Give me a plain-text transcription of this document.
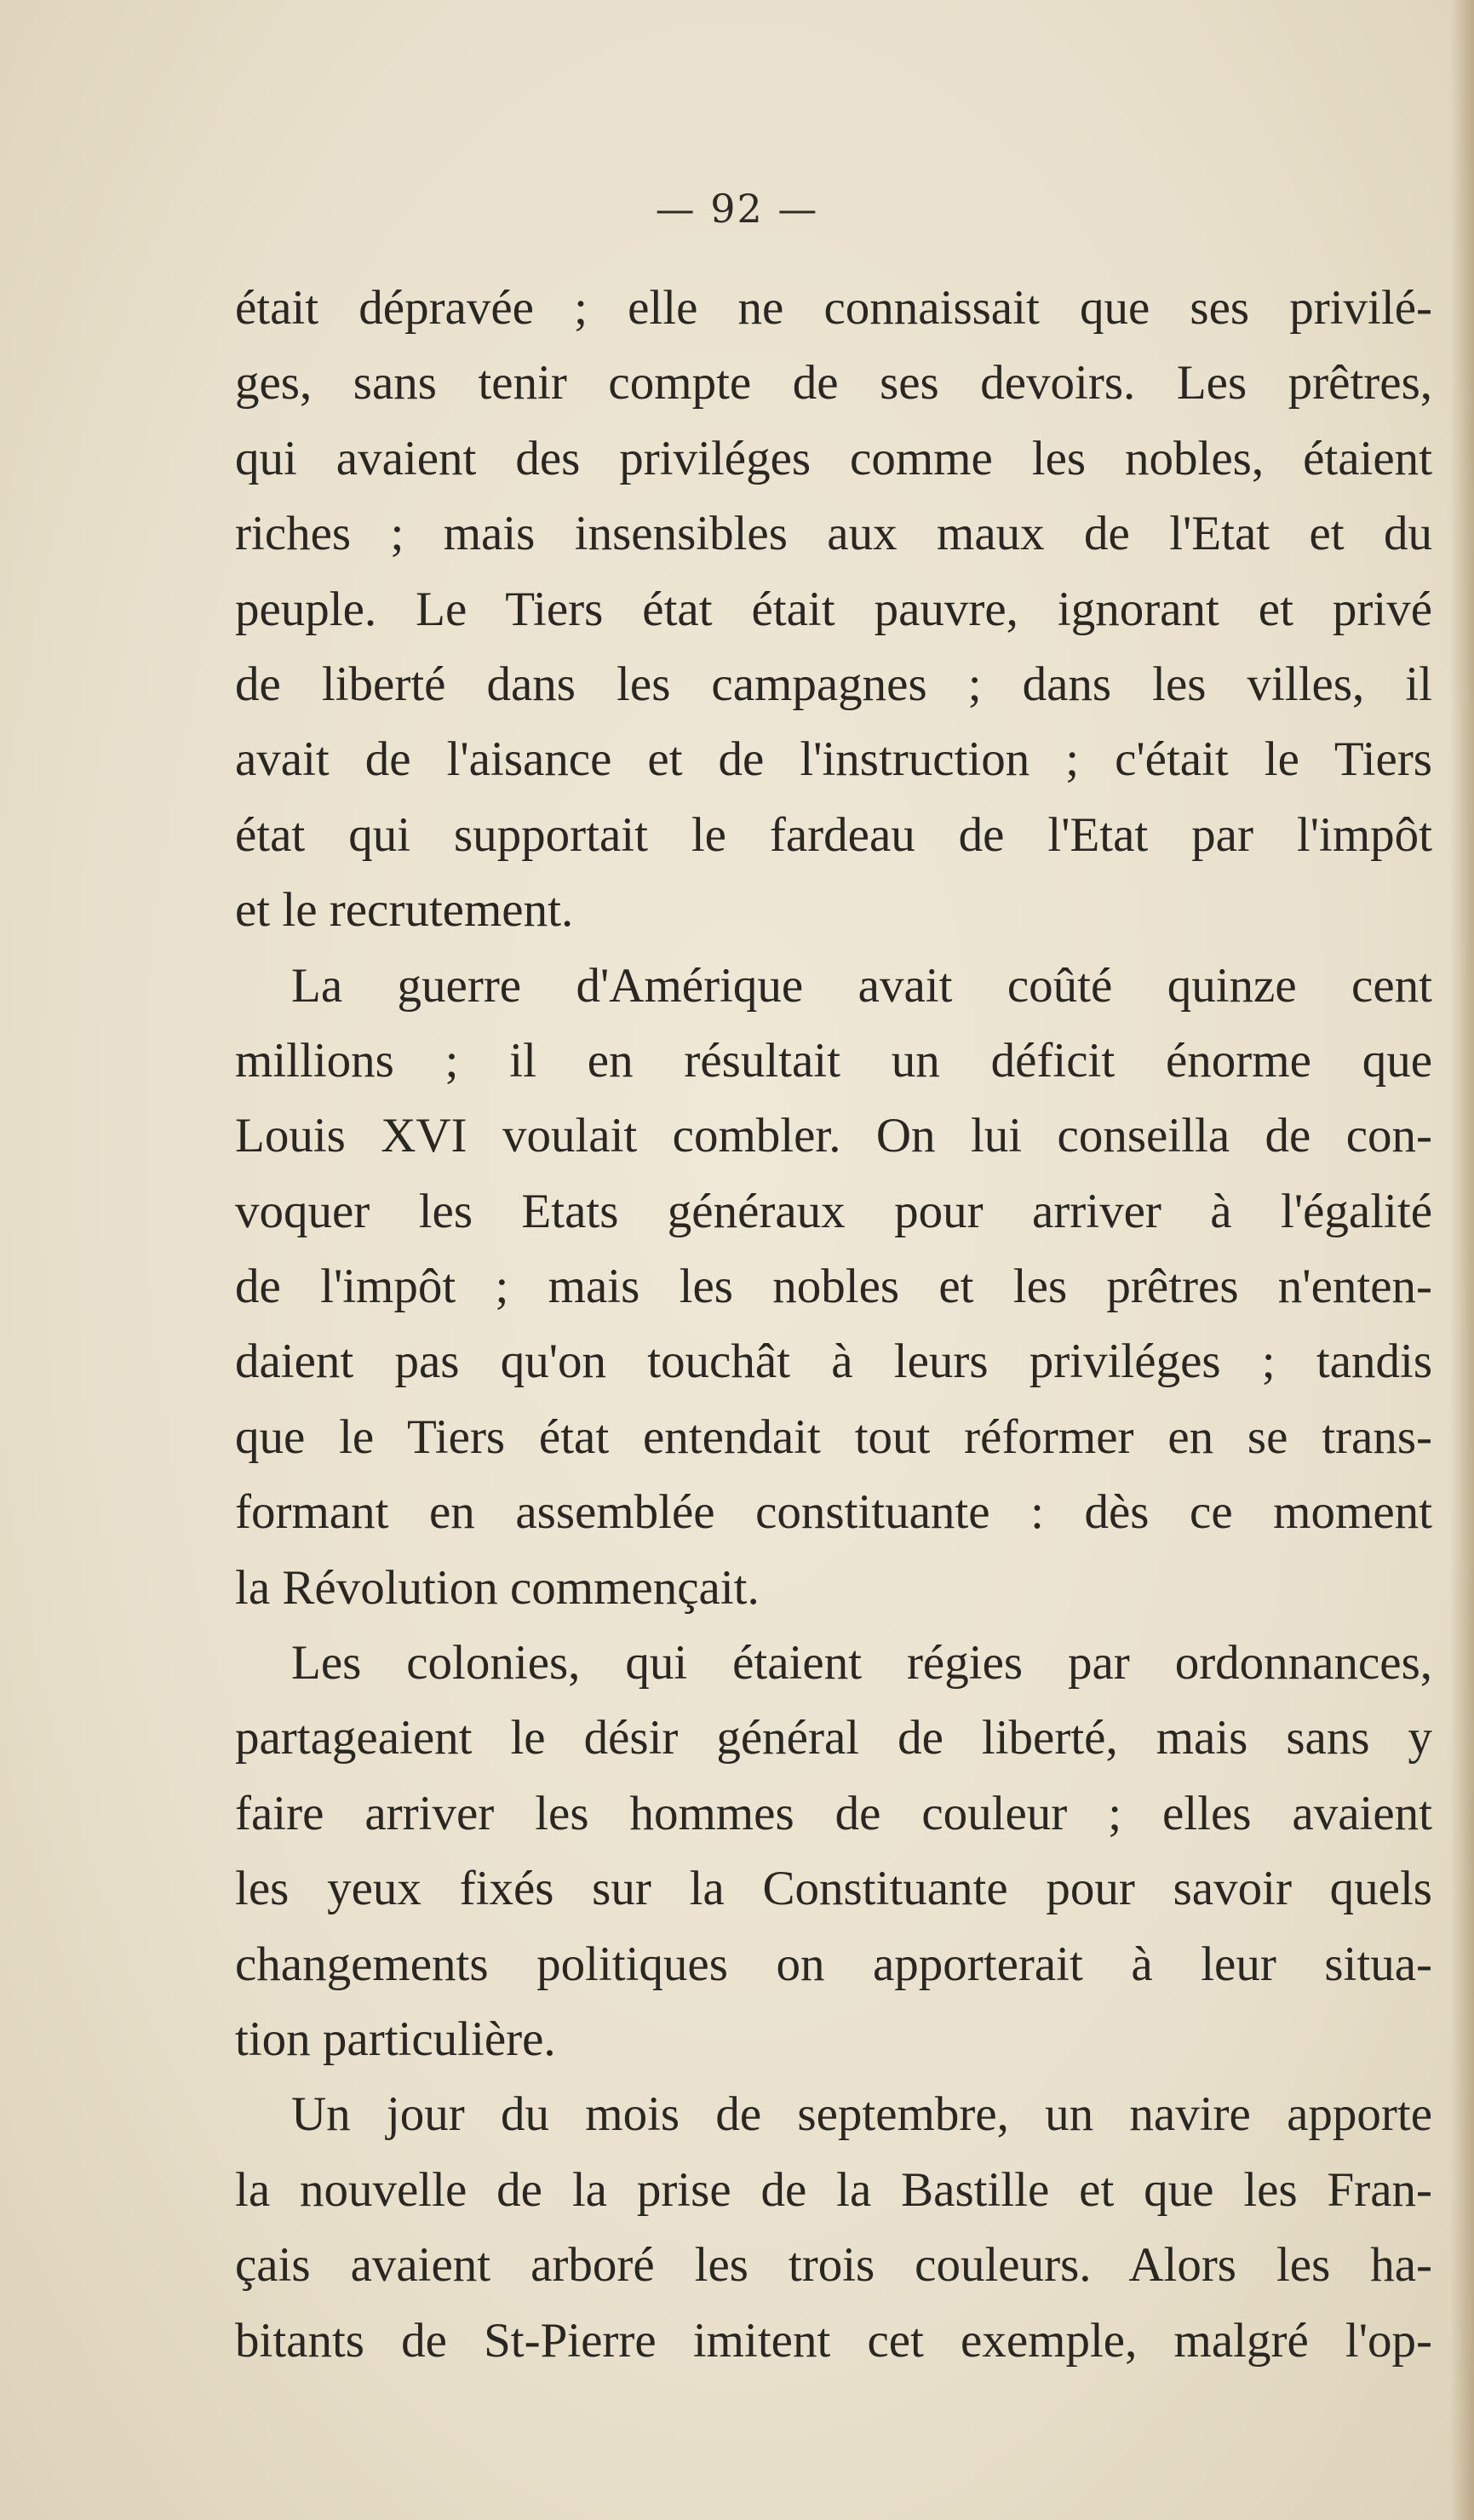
— 92 —
était dépravée ; elle ne connaissait que ses privilé-
ges, sans tenir compte de ses devoirs. Les prêtres,
qui avaient des priviléges comme les nobles, étaient
riches ; mais insensibles aux maux de l'Etat et du
peuple. Le Tiers état était pauvre, ignorant et privé
de liberté dans les campagnes ; dans les villes, il
avait de l'aisance et de l'instruction ; c'était le Tiers
état qui supportait le fardeau de l'Etat par l'impôt
et le recrutement.
La guerre d'Amérique avait coûté quinze cent
millions ; il en résultait un déficit énorme que
Louis XVI voulait combler. On lui conseilla de con-
voquer les Etats généraux pour arriver à l'égalité
de l'impôt ; mais les nobles et les prêtres n'enten-
daient pas qu'on touchât à leurs priviléges ; tandis
que le Tiers état entendait tout réformer en se trans-
formant en assemblée constituante : dès ce moment
la Révolution commençait.
Les colonies, qui étaient régies par ordonnances,
partageaient le désir général de liberté, mais sans y
faire arriver les hommes de couleur ; elles avaient
les yeux fixés sur la Constituante pour savoir quels
changements politiques on apporterait à leur situa-
tion particulière.
Un jour du mois de septembre, un navire apporte
la nouvelle de la prise de la Bastille et que les Fran-
çais avaient arboré les trois couleurs. Alors les ha-
bitants de St-Pierre imitent cet exemple, malgré l'op-
